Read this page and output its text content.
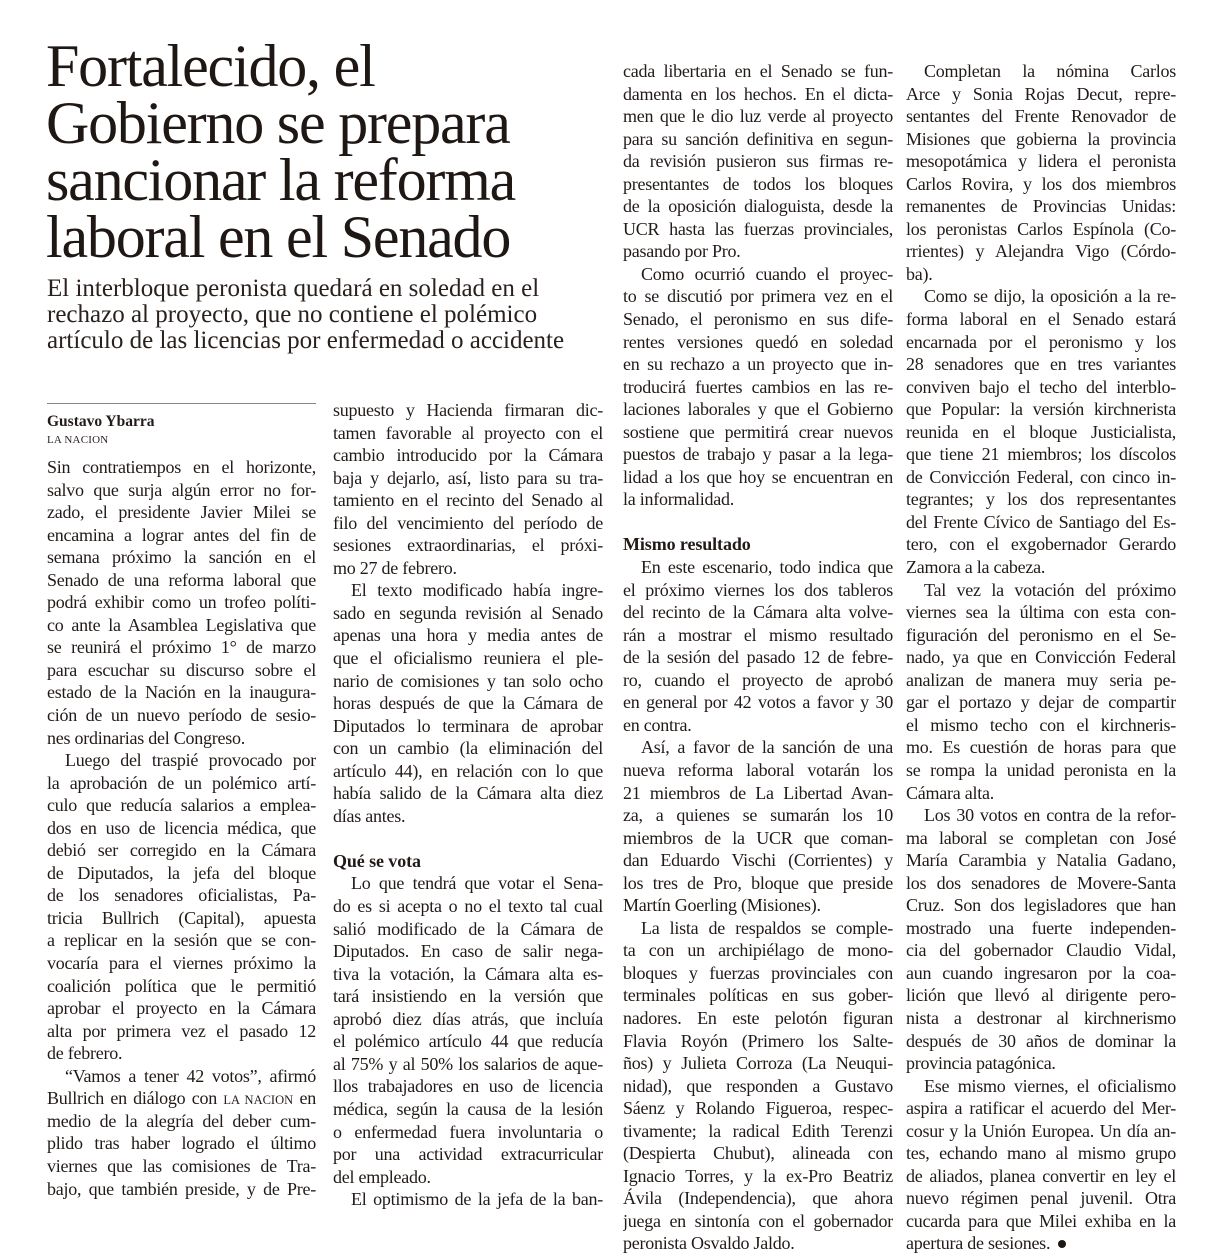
Fortalecido, el
Gobierno se prepara
sancionar la reforma
laboral en el Senado

El interbloque peronista quedará en soledad en el
rechazo al proyecto, que no contiene el polémico
artículo de las licencias por enfermedad o accidente

Gustavo Ybarra
LA NACION
Sin contratiempos en el horizonte,
salvo que surja algún error no for-
zado, el presidente Javier Milei se
encamina a lograr antes del fin de
semana próximo la sanción en el
Senado de una reforma laboral que
podrá exhibir como un trofeo políti-
co ante la Asamblea Legislativa que
se reunirá el próximo 1° de marzo
para escuchar su discurso sobre el
estado de la Nación en la inaugura-
ción de un nuevo período de sesio-
nes ordinarias del Congreso.
Luego del traspié provocado por
la aprobación de un polémico artí-
culo que reducía salarios a emplea-
dos en uso de licencia médica, que
debió ser corregido en la Cámara
de Diputados, la jefa del bloque
de los senadores oficialistas, Pa-
tricia Bullrich (Capital), apuesta
a replicar en la sesión que se con-
vocaría para el viernes próximo la
coalición política que le permitió
aprobar el proyecto en la Cámara
alta por primera vez el pasado 12
de febrero.
“Vamos a tener 42 votos”, afirmó
Bullrich en diálogo con LA NACION en
medio de la alegría del deber cum-
plido tras haber logrado el último
viernes que las comisiones de Tra-
bajo, que también preside, y de Pre-
supuesto y Hacienda firmaran dic-
tamen favorable al proyecto con el
cambio introducido por la Cámara
baja y dejarlo, así, listo para su tra-
tamiento en el recinto del Senado al
filo del vencimiento del período de
sesiones extraordinarias, el próxi-
mo 27 de febrero.
El texto modificado había ingre-
sado en segunda revisión al Senado
apenas una hora y media antes de
que el oficialismo reuniera el ple-
nario de comisiones y tan solo ocho
horas después de que la Cámara de
Diputados lo terminara de aprobar
con un cambio (la eliminación del
artículo 44), en relación con lo que
había salido de la Cámara alta diez
días antes.
Qué se vota
Lo que tendrá que votar el Sena-
do es si acepta o no el texto tal cual
salió modificado de la Cámara de
Diputados. En caso de salir nega-
tiva la votación, la Cámara alta es-
tará insistiendo en la versión que
aprobó diez días atrás, que incluía
el polémico artículo 44 que reducía
al 75% y al 50% los salarios de aque-
llos trabajadores en uso de licencia
médica, según la causa de la lesión
o enfermedad fuera involuntaria o
por una actividad extracurricular
del empleado.
El optimismo de la jefa de la ban-
cada libertaria en el Senado se fun-
damenta en los hechos. En el dicta-
men que le dio luz verde al proyecto
para su sanción definitiva en segun-
da revisión pusieron sus firmas re-
presentantes de todos los bloques
de la oposición dialoguista, desde la
UCR hasta las fuerzas provinciales,
pasando por Pro.
Como ocurrió cuando el proyec-
to se discutió por primera vez en el
Senado, el peronismo en sus dife-
rentes versiones quedó en soledad
en su rechazo a un proyecto que in-
troducirá fuertes cambios en las re-
laciones laborales y que el Gobierno
sostiene que permitirá crear nuevos
puestos de trabajo y pasar a la lega-
lidad a los que hoy se encuentran en
la informalidad.
Mismo resultado
En este escenario, todo indica que
el próximo viernes los dos tableros
del recinto de la Cámara alta volve-
rán a mostrar el mismo resultado
de la sesión del pasado 12 de febre-
ro, cuando el proyecto de aprobó
en general por 42 votos a favor y 30
en contra.
Así, a favor de la sanción de una
nueva reforma laboral votarán los
21 miembros de La Libertad Avan-
za, a quienes se sumarán los 10
miembros de la UCR que coman-
dan Eduardo Vischi (Corrientes) y
los tres de Pro, bloque que preside
Martín Goerling (Misiones).
La lista de respaldos se comple-
ta con un archipiélago de mono-
bloques y fuerzas provinciales con
terminales políticas en sus gober-
nadores. En este pelotón figuran
Flavia Royón (Primero los Salte-
ños) y Julieta Corroza (La Neuqui-
nidad), que responden a Gustavo
Sáenz y Rolando Figueroa, respec-
tivamente; la radical Edith Terenzi
(Despierta Chubut), alineada con
Ignacio Torres, y la ex-Pro Beatriz
Ávila (Independencia), que ahora
juega en sintonía con el gobernador
peronista Osvaldo Jaldo.
Completan la nómina Carlos
Arce y Sonia Rojas Decut, repre-
sentantes del Frente Renovador de
Misiones que gobierna la provincia
mesopotámica y lidera el peronista
Carlos Rovira, y los dos miembros
remanentes de Provincias Unidas:
los peronistas Carlos Espínola (Co-
rrientes) y Alejandra Vigo (Córdo-
ba).
Como se dijo, la oposición a la re-
forma laboral en el Senado estará
encarnada por el peronismo y los
28 senadores que en tres variantes
conviven bajo el techo del interblo-
que Popular: la versión kirchnerista
reunida en el bloque Justicialista,
que tiene 21 miembros; los díscolos
de Convicción Federal, con cinco in-
tegrantes; y los dos representantes
del Frente Cívico de Santiago del Es-
tero, con el exgobernador Gerardo
Zamora a la cabeza.
Tal vez la votación del próximo
viernes sea la última con esta con-
figuración del peronismo en el Se-
nado, ya que en Convicción Federal
analizan de manera muy seria pe-
gar el portazo y dejar de compartir
el mismo techo con el kirchneris-
mo. Es cuestión de horas para que
se rompa la unidad peronista en la
Cámara alta.
Los 30 votos en contra de la refor-
ma laboral se completan con José
María Carambia y Natalia Gadano,
los dos senadores de Movere-Santa
Cruz. Son dos legisladores que han
mostrado una fuerte independen-
cia del gobernador Claudio Vidal,
aun cuando ingresaron por la coa-
lición que llevó al dirigente pero-
nista a destronar al kirchnerismo
después de 30 años de dominar la
provincia patagónica.
Ese mismo viernes, el oficialismo
aspira a ratificar el acuerdo del Mer-
cosur y la Unión Europea. Un día an-
tes, echando mano al mismo grupo
de aliados, planea convertir en ley el
nuevo régimen penal juvenil. Otra
cucarda para que Milei exhiba en la
apertura de sesiones.
